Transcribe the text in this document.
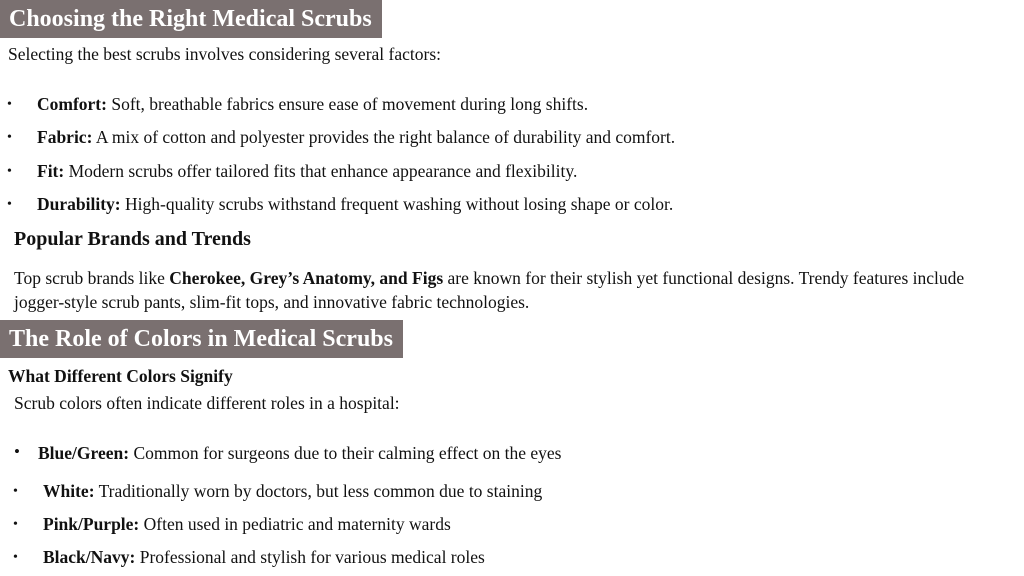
Choosing the Right Medical Scrubs
Selecting the best scrubs involves considering several factors:
• Comfort: Soft, breathable fabrics ensure ease of movement during long shifts.
• Fabric: A mix of cotton and polyester provides the right balance of durability and comfort.
• Fit: Modern scrubs offer tailored fits that enhance appearance and flexibility.
• Durability: High-quality scrubs withstand frequent washing without losing shape or color.
Popular Brands and Trends
Top scrub brands like Cherokee, Grey’s Anatomy, and Figs are known for their stylish yet functional designs. Trendy features include jogger-style scrub pants, slim-fit tops, and innovative fabric technologies.
The Role of Colors in Medical Scrubs
What Different Colors Signify
Scrub colors often indicate different roles in a hospital:
• Blue/Green: Common for surgeons due to their calming effect on the eyes
• White: Traditionally worn by doctors, but less common due to staining
• Pink/Purple: Often used in pediatric and maternity wards
• Black/Navy: Professional and stylish for various medical roles
